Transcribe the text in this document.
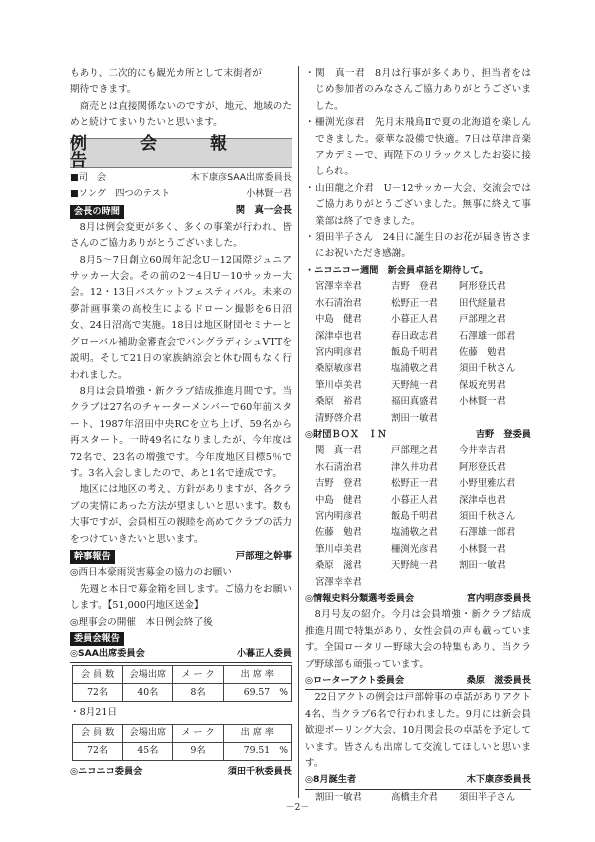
もあり、二次的にも観光カ所として末街者が

期待できます。

商売とは直接関係ないのですが、地元、地域のためと続けてまいりたいと思います。

例　会　報　告
■司　会	木下康彦SAA出席委員長
■ソング　四つのテスト	小林賢一君
会長の時間	関　真一会長

8月は例会変更が多く、多くの事業が行われ、皆さんのご協力ありがとうございました。

8月5～7日創立60周年記念U－12国際ジュニアサッカー大会。その前の2～4日U－10サッカー大会。12・13日バスケットフェスティバル。未来の夢計画事業の高校生によるドローン撮影を6日沼女、24日沼高で実施。18日は地区財団セミナーとグローバル補助金審査会でバングラディシュVTTを説明。そして21日の家族納涼会と休む間もなく行われました。

8月は会員増強・新クラブ結成推進月間です。当クラブは27名のチャーターメンバーで60年前スタート、1987年沼田中央RCを立ち上げ、59名から再スタート。一時49名になりましたが、今年度は72名で、23名の増強です。今年度地区目標5％です。3名入会しましたので、あと1名で達成です。

地区には地区の考え、方針がありますが、各クラブの実情にあった方法が望ましいと思います。数も大事ですが、会員相互の親睦を高めてクラブの活力をつけていきたいと思います。

幹事報告	戸部理之幹事

◎西日本豪雨災害募金の協力のお願い

　先週と本日で募金箱を回します。ご協力をお願いします。【51,000円地区送金】

◎理事会の開催　本日例会終了後

委員会報告
◎SAA出席委員会	小暮正人委員
会 員 数	会場出席	メ ー ク	出 席 率
72名	40名	8名	69.57　 %

・8月21日

会 員 数	会場出席	メ ー ク	出 席 率
72名	45名	9名	79.51　 %
◎ニコニコ委員会	須田千秋委員長
・ 関　真一君　8月は行事が多くあり、担当者をはじめ参加者のみなさんご協力ありがとうございました。

・ 柵渕光彦君　先月末飛鳥Ⅱで夏の北海道を楽しんできました。豪華な設備で快適。7日は草津音楽アカデミーで、両陛下のリラックスしたお姿に接しられ。

・ 山田龍之介君　U－12サッカー大会、交流会ではご協力ありがとうございました。無事に終えて事業部は終了できました。

・ 須田半子さん　24日に誕生日のお花が届き皆さまにお祝いただき感謝。

・ニコニコー週間　新会員卓話を期待して。
宮澤幸幸君	吉野　登君	阿形登氏君
水石清治君	松野正一君	田代経量君
中島　健君	小暮正人君	戸部理之君
深津卓也君	春日政志君	石澤雄一郎君
宮内明彦君	飯島千明君	佐藤　勉君
桑原敏彦君	塩浦敬之君	須田千秋さん
筆川卓美君	天野純一君	保坂充男君
桑原　裕君	福田真盛君	小林賢一君
清野啓介君	割田一敏君
◎財団ＢＯＸ　ＩＮ	吉野　登委員
関　真一君	戸部理之君	今井幸吉君
水石清治君	津久井功君	阿形登氏君
吉野　登君	松野正一君	小野里雅広君
中島　健君	小暮正人君	深津卓也君
宮内明彦君	飯島千明君	須田千秋さん
佐藤　勉君	塩浦敬之君	石澤雄一郎君
筆川卓美君	柵渕光彦君	小林賢一君
桑原　滋君	天野純一君	割田一敏君
宮澤幸幸君
◎情報史料分類選考委員会	宮内明彦委員長

8月号友の紹介。今月は会員増強・新クラブ結成推進月間で特集があり、女性会員の声も載っています。全国ロータリー野球大会の特集もあり、当クラブ野球部も頑張っています。

◎ローターアクト委員会	桑原　滋委員長

22日アクトの例会は戸部幹事の卓話がありアクト4名、当クラブ6名で行われました。9月には新会員歓迎ボーリング大会、10月関会長の卓話を予定しています。皆さんも出席して交流してほしいと思います。

◎8月誕生者	木下康彦委員長
割田一敏君	高橋圭介君	須田半子さん
－2－
